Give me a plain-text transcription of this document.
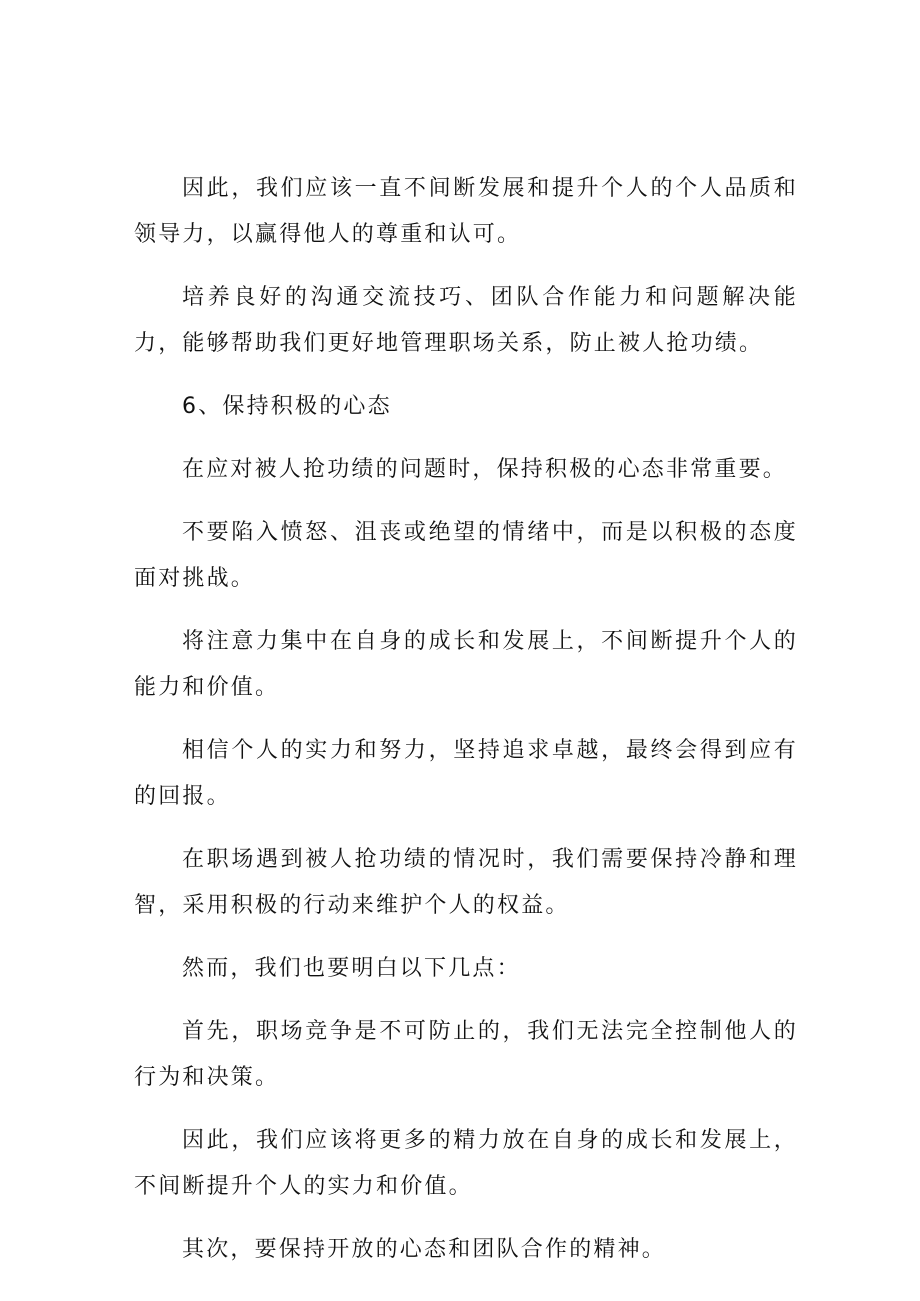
因此，我们应该一直不间断发展和提升个人的个人品质和领导力，以赢得他人的尊重和认可。

培养良好的沟通交流技巧、团队合作能力和问题解决能力，能够帮助我们更好地管理职场关系，防止被人抢功绩。

6、保持积极的心态

在应对被人抢功绩的问题时，保持积极的心态非常重要。

不要陷入愤怒、沮丧或绝望的情绪中，而是以积极的态度面对挑战。

将注意力集中在自身的成长和发展上，不间断提升个人的能力和价值。

相信个人的实力和努力，坚持追求卓越，最终会得到应有的回报。

在职场遇到被人抢功绩的情况时，我们需要保持冷静和理智，采用积极的行动来维护个人的权益。

然而，我们也要明白以下几点：

首先，职场竞争是不可防止的，我们无法完全控制他人的行为和决策。

因此，我们应该将更多的精力放在自身的成长和发展上，不间断提升个人的实力和价值。

其次，要保持开放的心态和团队合作的精神。
